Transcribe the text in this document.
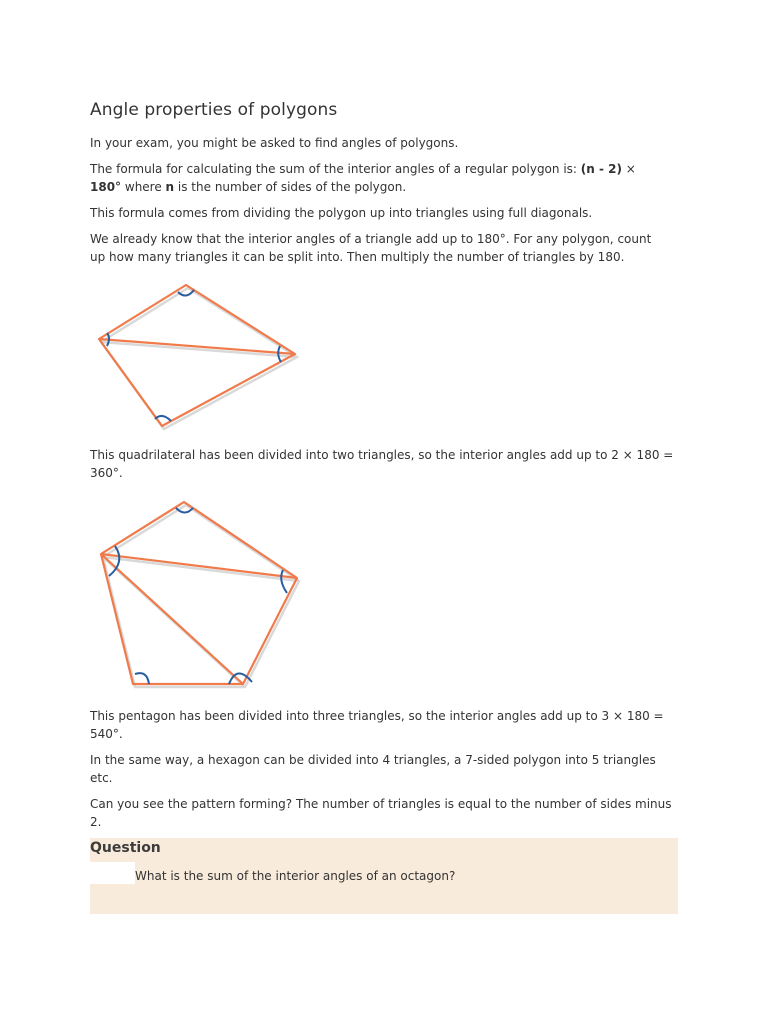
Angle properties of polygons

In your exam, you might be asked to find angles of polygons.

The formula for calculating the sum of the interior angles of a regular polygon is: (n - 2) ×
180° where n is the number of sides of the polygon.

This formula comes from dividing the polygon up into triangles using full diagonals.

We already know that the interior angles of a triangle add up to 180°. For any polygon, count up how many triangles it can be split into. Then multiply the number of triangles by 180.

This quadrilateral has been divided into two triangles, so the interior angles add up to 2 × 180 = 360°.

This pentagon has been divided into three triangles, so the interior angles add up to 3 × 180 = 540°.

In the same way, a hexagon can be divided into 4 triangles, a 7-sided polygon into 5 triangles etc.

Can you see the pattern forming? The number of triangles is equal to the number of sides minus 2.

Question
What is the sum of the interior angles of an octagon?
